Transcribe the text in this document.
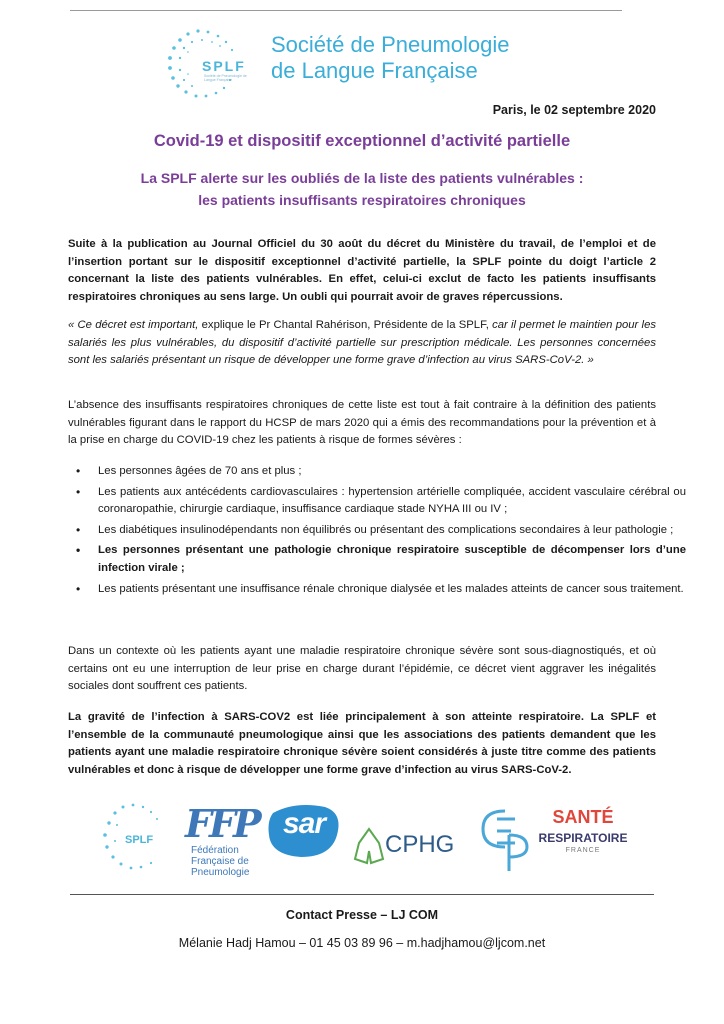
SPLF
Société de Pneumologie de Langue Française
Société de Pneumologie
de Langue Française
Paris, le 02 septembre 2020
Covid-19 et dispositif exceptionnel d’activité partielle
La SPLF alerte sur les oubliés de la liste des patients vulnérables :
les patients insuffisants respiratoires chroniques
Suite à la publication au Journal Officiel du 30 août du décret du Ministère du travail, de l’emploi et de l’insertion portant sur le dispositif exceptionnel d’activité partielle, la SPLF pointe du doigt l’article 2 concernant la liste des patients vulnérables. En effet, celui-ci exclut de facto les patients insuffisants respiratoires chroniques au sens large. Un oubli qui pourrait avoir de graves répercussions.
« Ce décret est important, explique le Pr Chantal Rahérison, Présidente de la SPLF, car il permet le maintien pour les salariés les plus vulnérables, du dispositif d’activité partielle sur prescription médicale. Les personnes concernées sont les salariés présentant un risque de développer une forme grave d’infection au virus SARS-CoV-2. »
L’absence des insuffisants respiratoires chroniques de cette liste est tout à fait contraire à la définition des patients vulnérables figurant dans le rapport du HCSP de mars 2020 qui a émis des recommandations pour la prévention et à la prise en charge du COVID-19 chez les patients à risque de formes sévères :
• Les personnes âgées de 70 ans et plus ;
• Les patients aux antécédents cardiovasculaires : hypertension artérielle compliquée, accident vasculaire cérébral ou coronaropathie, chirurgie cardiaque, insuffisance cardiaque stade NYHA III ou IV ;
• Les diabétiques insulinodépendants non équilibrés ou présentant des complications secondaires à leur pathologie ;
• Les personnes présentant une pathologie chronique respiratoire susceptible de décompenser lors d’une infection virale ;
• Les patients présentant une insuffisance rénale chronique dialysée et les malades atteints de cancer sous traitement.
Dans un contexte où les patients ayant une maladie respiratoire chronique sévère sont sous-diagnostiqués, et où certains ont eu une interruption de leur prise en charge durant l’épidémie, ce décret vient aggraver les inégalités sociales dont souffrent ces patients.
La gravité de l’infection à SARS-COV2 est liée principalement à son atteinte respiratoire. La SPLF et l’ensemble de la communauté pneumologique ainsi que les associations des patients demandent que les patients ayant une maladie respiratoire chronique sévère soient considérés à juste titre comme des patients vulnérables et donc à risque de développer une forme grave d’infection au virus SARS-CoV-2.
SPLF FFP
Fédération Française de Pneumologie
sar
CPHG
SANTÉ
RESPIRATOIRE
FRANCE
Contact Presse – LJ COM
Mélanie Hadj Hamou – 01 45 03 89 96 – m.hadjhamou@ljcom.net
